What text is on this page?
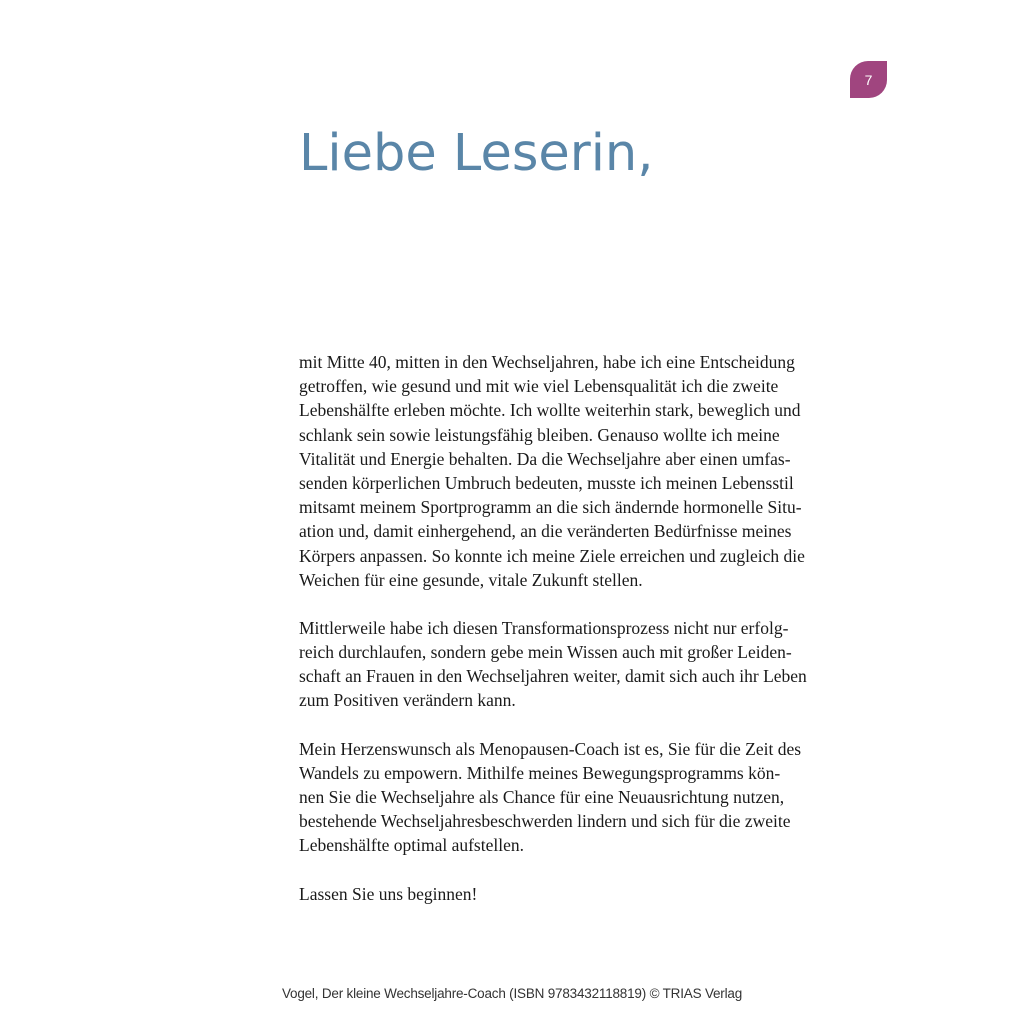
7
Liebe Leserin,

mit Mitte 40, mitten in den Wechseljahren, habe ich eine Entscheidung
getroffen, wie gesund und mit wie viel Lebensqualität ich die zweite
Lebenshälfte erleben möchte. Ich wollte weiterhin stark, beweglich und
schlank sein sowie leistungsfähig bleiben. Genauso wollte ich meine
Vitalität und Energie behalten. Da die Wechseljahre aber einen umfas-
senden körperlichen Umbruch bedeuten, musste ich meinen Lebensstil
mitsamt meinem Sportprogramm an die sich ändernde hormonelle Situ-
ation und, damit einhergehend, an die veränderten Bedürfnisse meines
Körpers anpassen. So konnte ich meine Ziele erreichen und zugleich die
Weichen für eine gesunde, vitale Zukunft stellen.

Mittlerweile habe ich diesen Transformationsprozess nicht nur erfolg-
reich durchlaufen, sondern gebe mein Wissen auch mit großer Leiden-
schaft an Frauen in den Wechseljahren weiter, damit sich auch ihr Leben
zum Positiven verändern kann.

Mein Herzenswunsch als Menopausen-Coach ist es, Sie für die Zeit des
Wandels zu empowern. Mithilfe meines Bewegungsprogramms kön-
nen Sie die Wechseljahre als Chance für eine Neuausrichtung nutzen,
bestehende Wechseljahresbeschwerden lindern und sich für die zweite
Lebenshälfte optimal aufstellen.

Lassen Sie uns beginnen!

Vogel, Der kleine Wechseljahre-Coach (ISBN 9783432118819) © TRIAS Verlag
